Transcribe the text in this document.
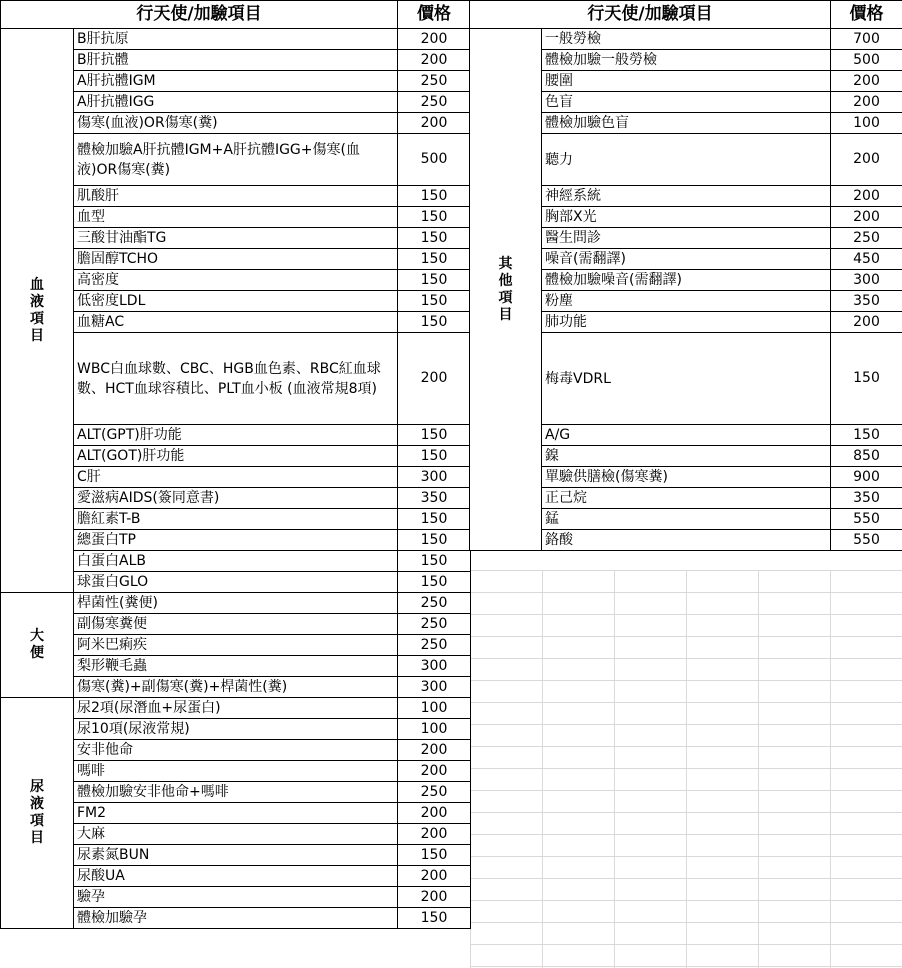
行天使/加驗項目		價格

血
液
項
目	B肝抗原	200
	B肝抗體	200
	A肝抗體IGM	250
	A肝抗體IGG	250
	傷寒(血液)OR傷寒(糞)	200
	體檢加驗A肝抗體IGM+A肝抗體IGG+傷寒(血液)OR傷寒(糞)	500
	肌酸肝	150
	血型	150
	三酸甘油酯TG	150
	膽固醇TCHO	150
	高密度	150
	低密度LDL	150
	血糖AC	150
	WBC白血球數、CBC、HGB血色素、RBC紅血球數、HCT血球容積比、PLT血小板 (血液常規8項)	200
	ALT(GPT)肝功能	150
	ALT(GOT)肝功能	150
	C肝	300
	愛滋病AIDS(簽同意書)	350
	膽紅素T-B	150
	總蛋白TP	150
	白蛋白ALB	150
	球蛋白GLO	150

大
便	桿菌性(糞便)	250
	副傷寒糞便	250
	阿米巴痢疾	250
	梨形鞭毛蟲	300
	傷寒(糞)+副傷寒(糞)+桿菌性(糞)	300

尿
液
項
目	尿2項(尿潛血+尿蛋白)	100
	尿10項(尿液常規)	100
	安非他命	200
	嗎啡	200
	體檢加驗安非他命+嗎啡	250
	FM2	200
	大麻	200
	尿素氮BUN	150
	尿酸UA	200
	驗孕	200
	體檢加驗孕	150
行天使/加驗項目		價格

其
他
項
目	一般勞檢	700
	體檢加驗一般勞檢	500
	腰圍	200
	色盲	200
	體檢加驗色盲	100
	聽力	200
	神經系統	200
	胸部X光	200
	醫生問診	250
	噪音(需翻譯)	450
	體檢加驗噪音(需翻譯)	300
	粉塵	350
	肺功能	200
	梅毒VDRL	150
	A/G	150
	鎳	850
	單驗供膳檢(傷寒糞)	900
	正己烷	350
	錳	550
	鉻酸	550
